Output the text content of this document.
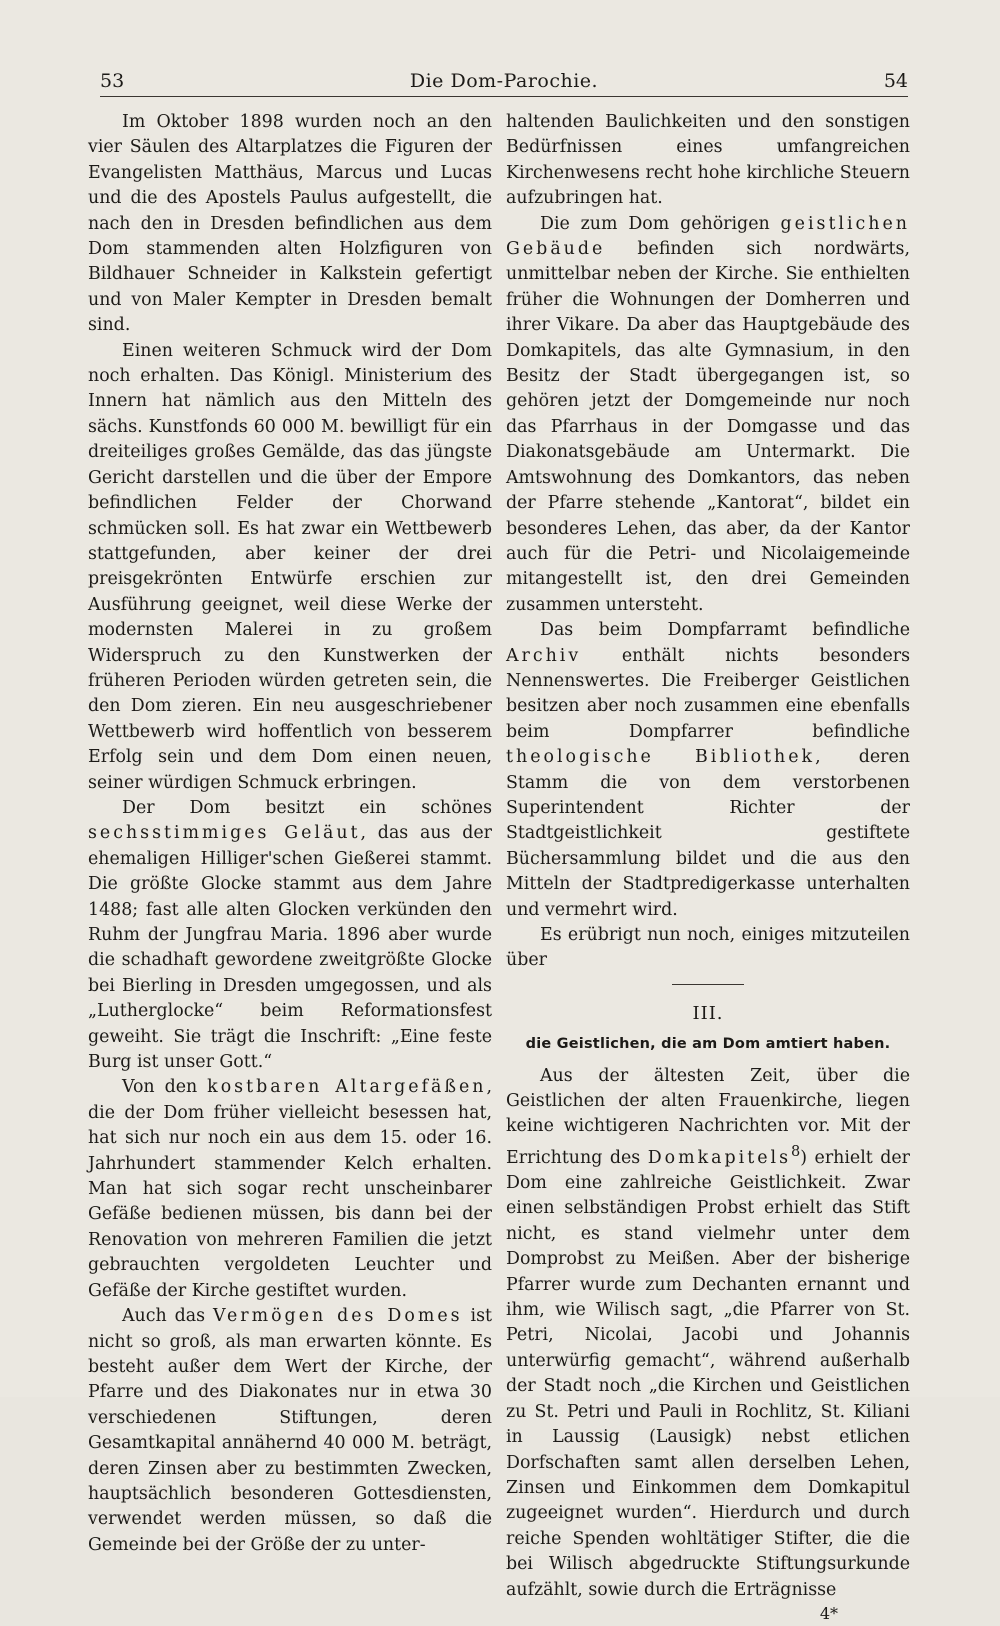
53	Die Dom-Parochie.	54

Im Oktober 1898 wurden noch an den vier Säulen des Altarplatzes die Figuren der Evangelisten Matthäus, Marcus und Lucas und die des Apostels Paulus aufgestellt, die nach den in Dresden befindlichen aus dem Dom stammenden alten Holzfiguren von Bildhauer Schneider in Kalkstein gefertigt und von Maler Kempter in Dresden bemalt sind.

Einen weiteren Schmuck wird der Dom noch erhalten. Das Königl. Ministerium des Innern hat nämlich aus den Mitteln des sächs. Kunstfonds 60 000 M. bewilligt für ein dreiteiliges großes Gemälde, das das jüngste Gericht darstellen und die über der Empore befindlichen Felder der Chorwand schmücken soll. Es hat zwar ein Wettbewerb stattgefunden, aber keiner der drei preisgekrönten Entwürfe erschien zur Ausführung geeignet, weil diese Werke der modernsten Malerei in zu großem Widerspruch zu den Kunstwerken der früheren Perioden würden getreten sein, die den Dom zieren. Ein neu ausgeschriebener Wettbewerb wird hoffentlich von besserem Erfolg sein und dem Dom einen neuen, seiner würdigen Schmuck erbringen.

Der Dom besitzt ein schönes sechsstimmiges Geläut, das aus der ehemaligen Hilliger'schen Gießerei stammt. Die größte Glocke stammt aus dem Jahre 1488; fast alle alten Glocken verkünden den Ruhm der Jungfrau Maria. 1896 aber wurde die schadhaft gewordene zweitgrößte Glocke bei Bierling in Dresden umgegossen, und als „Lutherglocke“ beim Reformationsfest geweiht. Sie trägt die Inschrift: „Eine feste Burg ist unser Gott.“

Von den kostbaren Altargefäßen, die der Dom früher vielleicht besessen hat, hat sich nur noch ein aus dem 15. oder 16. Jahrhundert stammender Kelch erhalten. Man hat sich sogar recht unscheinbarer Gefäße bedienen müssen, bis dann bei der Renovation von mehreren Familien die jetzt gebrauchten vergoldeten Leuchter und Gefäße der Kirche gestiftet wurden.

Auch das Vermögen des Domes ist nicht so groß, als man erwarten könnte. Es besteht außer dem Wert der Kirche, der Pfarre und des Diakonates nur in etwa 30 verschiedenen Stiftungen, deren Gesamtkapital annähernd 40 000 M. beträgt, deren Zinsen aber zu bestimmten Zwecken, hauptsächlich besonderen Gottesdiensten, verwendet werden müssen, so daß die Gemeinde bei der Größe der zu unter-

haltenden Baulichkeiten und den sonstigen Bedürfnissen eines umfangreichen Kirchenwesens recht hohe kirchliche Steuern aufzubringen hat.

Die zum Dom gehörigen geistlichen Gebäude befinden sich nordwärts, unmittelbar neben der Kirche. Sie enthielten früher die Wohnungen der Domherren und ihrer Vikare. Da aber das Hauptgebäude des Domkapitels, das alte Gymnasium, in den Besitz der Stadt übergegangen ist, so gehören jetzt der Domgemeinde nur noch das Pfarrhaus in der Domgasse und das Diakonatsgebäude am Untermarkt. Die Amtswohnung des Domkantors, das neben der Pfarre stehende „Kantorat“, bildet ein besonderes Lehen, das aber, da der Kantor auch für die Petri- und Nicolaigemeinde mitangestellt ist, den drei Gemeinden zusammen untersteht.

Das beim Dompfarramt befindliche Archiv enthält nichts besonders Nennenswertes. Die Freiberger Geistlichen besitzen aber noch zusammen eine ebenfalls beim Dompfarrer befindliche theologische Bibliothek, deren Stamm die von dem verstorbenen Superintendent Richter der Stadtgeistlichkeit gestiftete Büchersammlung bildet und die aus den Mitteln der Stadtpredigerkasse unterhalten und vermehrt wird.

Es erübrigt nun noch, einiges mitzuteilen über

III.
die Geistlichen, die am Dom amtiert haben.

Aus der ältesten Zeit, über die Geistlichen der alten Frauenkirche, liegen keine wichtigeren Nachrichten vor. Mit der Errichtung des Domkapitels$^8$) erhielt der Dom eine zahlreiche Geistlichkeit. Zwar einen selbständigen Probst erhielt das Stift nicht, es stand vielmehr unter dem Domprobst zu Meißen. Aber der bisherige Pfarrer wurde zum Dechanten ernannt und ihm, wie Wilisch sagt, „die Pfarrer von St. Petri, Nicolai, Jacobi und Johannis unterwürfig gemacht“, während außerhalb der Stadt noch „die Kirchen und Geistlichen zu St. Petri und Pauli in Rochlitz, St. Kiliani in Laussig (Lausigk) nebst etlichen Dorfschaften samt allen derselben Lehen, Zinsen und Einkommen dem Domkapitul zugeeignet wurden“. Hierdurch und durch reiche Spenden wohltätiger Stifter, die die bei Wilisch abgedruckte Stiftungsurkunde aufzählt, sowie durch die Erträgnisse

4*
